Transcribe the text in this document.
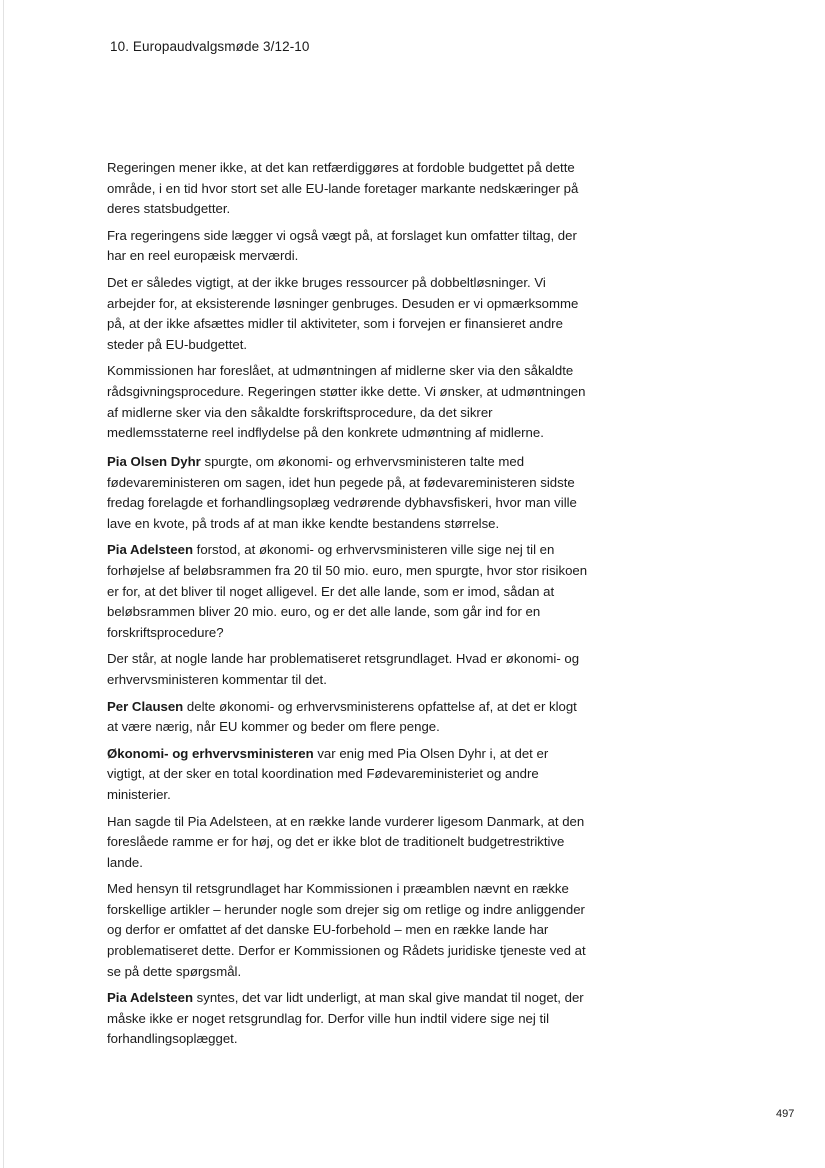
10. Europaudvalgsmøde 3/12-10

Regeringen mener ikke, at det kan retfærdiggøres at fordoble budgettet på dette område, i en tid hvor stort set alle EU-lande foretager markante nedskæringer på deres statsbudgetter.

Fra regeringens side lægger vi også vægt på, at forslaget kun omfatter tiltag, der har en reel europæisk merværdi.

Det er således vigtigt, at der ikke bruges ressourcer på dobbeltløsninger. Vi arbejder for, at eksisterende løsninger genbruges. Desuden er vi opmærksomme på, at der ikke afsættes midler til aktiviteter, som i forvejen er finansieret andre steder på EU-budgettet.

Kommissionen har foreslået, at udmøntningen af midlerne sker via den såkaldte rådsgivningsprocedure. Regeringen støtter ikke dette. Vi ønsker, at udmøntningen af midlerne sker via den såkaldte forskriftsprocedure, da det sikrer medlemsstaterne reel indflydelse på den konkrete udmøntning af midlerne.

Pia Olsen Dyhr spurgte, om økonomi- og erhvervsministeren talte med fødevareministeren om sagen, idet hun pegede på, at fødevareministeren sidste fredag forelagde et forhandlingsoplæg vedrørende dybhavsfiskeri, hvor man ville lave en kvote, på trods af at man ikke kendte bestandens størrelse.

Pia Adelsteen forstod, at økonomi- og erhvervsministeren ville sige nej til en forhøjelse af beløbsrammen fra 20 til 50 mio. euro, men spurgte, hvor stor risikoen er for, at det bliver til noget alligevel. Er det alle lande, som er imod, sådan at beløbsrammen bliver 20 mio. euro, og er det alle lande, som går ind for en forskriftsprocedure?

Der står, at nogle lande har problematiseret retsgrundlaget. Hvad er økonomi- og erhvervsministeren kommentar til det.

Per Clausen delte økonomi- og erhvervsministerens opfattelse af, at det er klogt at være nærig, når EU kommer og beder om flere penge.

Økonomi- og erhvervsministeren var enig med Pia Olsen Dyhr i, at det er vigtigt, at der sker en total koordination med Fødevareministeriet og andre ministerier.

Han sagde til Pia Adelsteen, at en række lande vurderer ligesom Danmark, at den foreslåede ramme er for høj, og det er ikke blot de traditionelt budgetrestriktive lande.

Med hensyn til retsgrundlaget har Kommissionen i præamblen nævnt en række forskellige artikler – herunder nogle som drejer sig om retlige og indre anliggender og derfor er omfattet af det danske EU-forbehold – men en række lande har problematiseret dette. Derfor er Kommissionen og Rådets juridiske tjeneste ved at se på dette spørgsmål.

Pia Adelsteen syntes, det var lidt underligt, at man skal give mandat til noget, der måske ikke er noget retsgrundlag for. Derfor ville hun indtil videre sige nej til forhandlingsoplægget.

497
